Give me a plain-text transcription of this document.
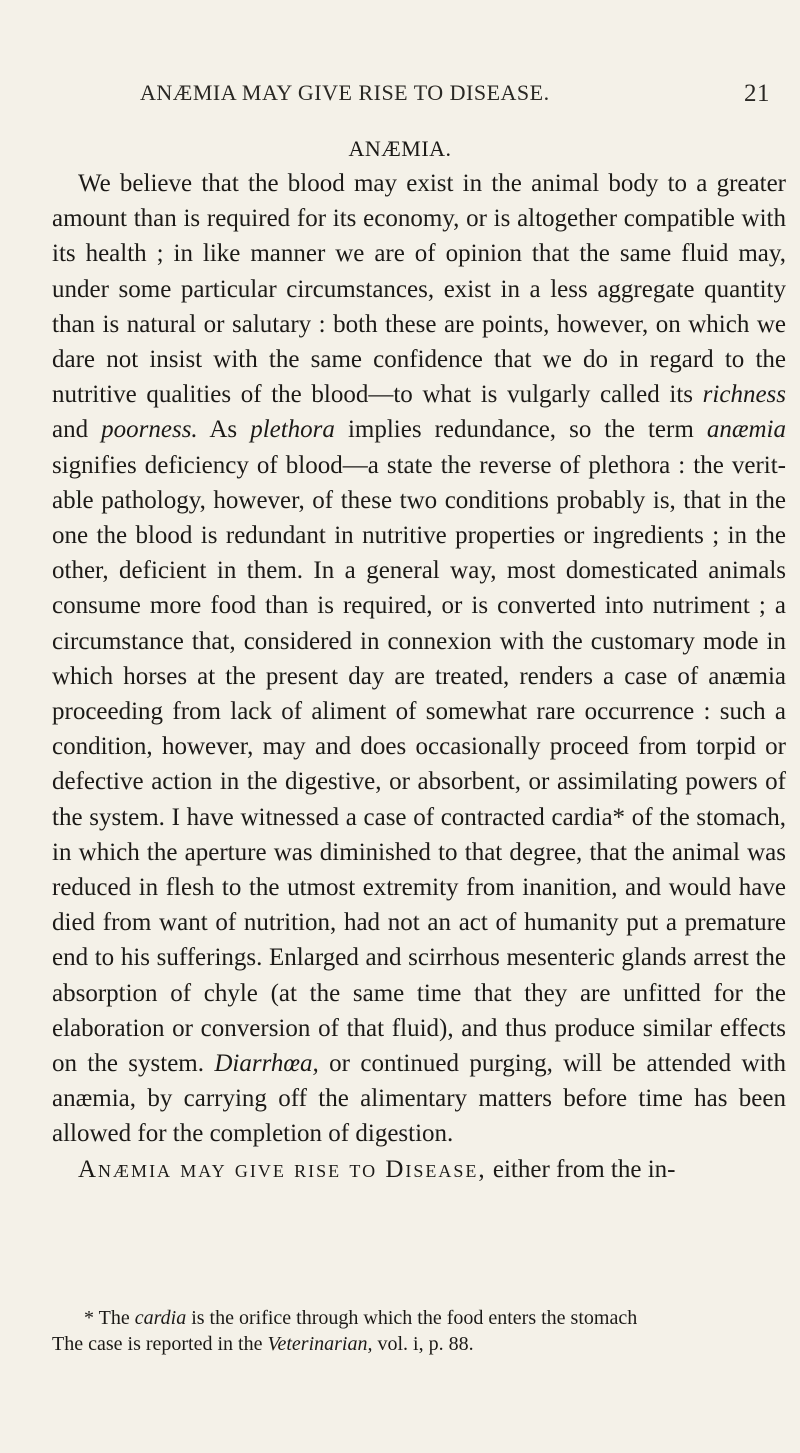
ANÆMIA MAY GIVE RISE TO DISEASE.	21
ANÆMIA.

We believe that the blood may exist in the animal body to a greater amount than is required for its economy, or is altogether compatible with its health ; in like manner we are of opinion that the same fluid may, under some particular circumstances, exist in a less aggregate quantity than is natural or salutary : both these are points, however, on which we dare not insist with the same confidence that we do in regard to the nutritive qualities of the blood—to what is vulgarly called its richness and poorness. As plethora implies redundance, so the term anæmia signifies deficiency of blood—a state the reverse of plethora : the veritable pathology, however, of these two conditions probably is, that in the one the blood is redundant in nutritive properties or ingredients ; in the other, deficient in them. In a general way, most domesticated animals consume more food than is required, or is converted into nutriment ; a circumstance that, considered in connexion with the customary mode in which horses at the present day are treated, renders a case of anæmia proceeding from lack of aliment of somewhat rare occurrence : such a condition, however, may and does occasionally proceed from torpid or defective action in the digestive, or absorbent, or assimilating powers of the system. I have witnessed a case of contracted cardia* of the stomach, in which the aperture was diminished to that degree, that the animal was reduced in flesh to the utmost extremity from inanition, and would have died from want of nutrition, had not an act of humanity put a premature end to his sufferings. Enlarged and scirrhous mesenteric glands arrest the absorption of chyle (at the same time that they are unfitted for the elaboration or conversion of that fluid), and thus produce similar effects on the system. Diarrhœa, or continued purging, will be attended with anæmia, by carrying off the alimentary matters before time has been allowed for the completion of digestion.

Anæmia may give rise to Disease, either from the in-

* The cardia is the orifice through which the food enters the stomach

The case is reported in the Veterinarian, vol. i, p. 88.
